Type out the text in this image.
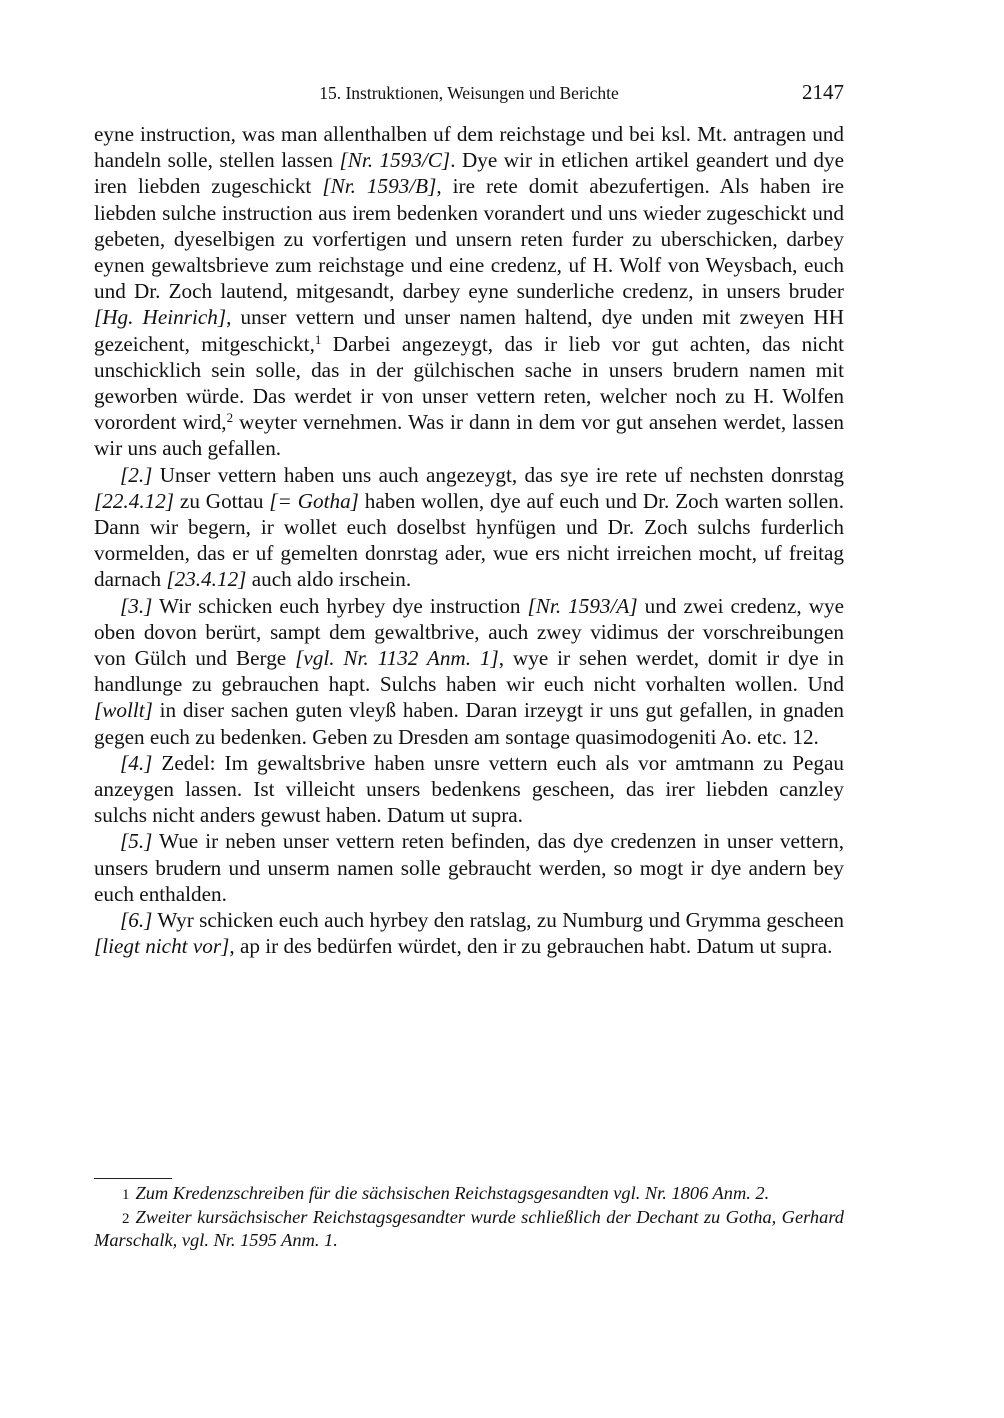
15. Instruktionen, Weisungen und Berichte	2147

eyne instruction, was man allenthalben uf dem reichstage und bei ksl. Mt. antragen und handeln solle, stellen lassen [Nr. 1593/C]. Dye wir in etlichen artikel geandert und dye iren liebden zugeschickt [Nr. 1593/B], ire rete domit abezufertigen. Als haben ire liebden sulche instruction aus irem bedenken vorandert und uns wieder zugeschickt und gebeten, dyeselbigen zu vorfertigen und unsern reten furder zu uberschicken, darbey eynen gewaltsbrieve zum reichstage und eine credenz, uf H. Wolf von Weysbach, euch und Dr. Zoch lautend, mitgesandt, darbey eyne sunderliche credenz, in unsers bruder [Hg. Heinrich], unser vettern und unser namen haltend, dye unden mit zweyen HH gezeichent, mitgeschickt,$^1$ Darbei angezeygt, das ir lieb vor gut achten, das nicht unschicklich sein solle, das in der gülchischen sache in unsers brudern namen mit geworben würde. Das werdet ir von unser vettern reten, welcher noch zu H. Wolfen vorordent wird,$^2$ weyter vernehmen. Was ir dann in dem vor gut ansehen werdet, lassen wir uns auch gefallen.

[2.] Unser vettern haben uns auch angezeygt, das sye ire rete uf nechsten donrstag [22.4.12] zu Gottau [= Gotha] haben wollen, dye auf euch und Dr. Zoch warten sollen. Dann wir begern, ir wollet euch doselbst hynfügen und Dr. Zoch sulchs furderlich vormelden, das er uf gemelten donrstag ader, wue ers nicht irreichen mocht, uf freitag darnach [23.4.12] auch aldo irschein.

[3.] Wir schicken euch hyrbey dye instruction [Nr. 1593/A] und zwei credenz, wye oben dovon berürt, sampt dem gewaltbrive, auch zwey vidimus der vorschreibungen von Gülch und Berge [vgl. Nr. 1132 Anm. 1], wye ir sehen werdet, domit ir dye in handlunge zu gebrauchen hapt. Sulchs haben wir euch nicht vorhalten wollen. Und [wollt] in diser sachen guten vleyß haben. Daran irzeygt ir uns gut gefallen, in gnaden gegen euch zu bedenken. Geben zu Dresden am sontage quasimodogeniti Ao. etc. 12.

[4.] Zedel: Im gewaltsbrive haben unsre vettern euch als vor amtmann zu Pegau anzeygen lassen. Ist villeicht unsers bedenkens gescheen, das irer liebden canzley sulchs nicht anders gewust haben. Datum ut supra.

[5.] Wue ir neben unser vettern reten befinden, das dye credenzen in unser vettern, unsers brudern und unserm namen solle gebraucht werden, so mogt ir dye andern bey euch enthalden.

[6.] Wyr schicken euch auch hyrbey den ratslag, zu Numburg und Grymma gescheen [liegt nicht vor], ap ir des bedürfen würdet, den ir zu gebrauchen habt. Datum ut supra.

1 Zum Kredenzschreiben für die sächsischen Reichstagsgesandten vgl. Nr. 1806 Anm. 2.

2 Zweiter kursächsischer Reichstagsgesandter wurde schließlich der Dechant zu Gotha, Gerhard Marschalk, vgl. Nr. 1595 Anm. 1.
